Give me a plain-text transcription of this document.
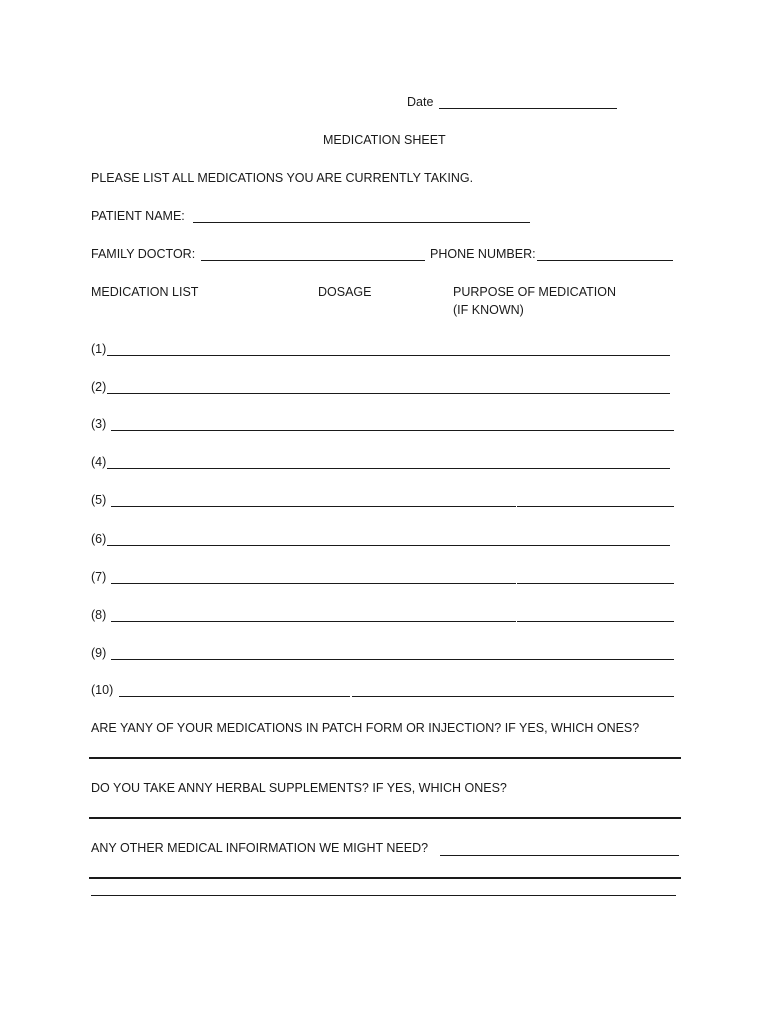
Date
MEDICATION SHEET
PLEASE LIST ALL MEDICATIONS YOU ARE CURRENTLY TAKING.
PATIENT NAME:
FAMILY DOCTOR:	PHONE NUMBER:
MEDICATION LIST	DOSAGE	PURPOSE OF MEDICATION
(IF KNOWN)
(1)
(2)
(3)
(4)
(5)
(6)
(7)
(8)
(9)
(10)
ARE YANY OF YOUR MEDICATIONS IN PATCH FORM OR INJECTION? IF YES, WHICH ONES?
DO YOU TAKE ANNY HERBAL SUPPLEMENTS? IF YES, WHICH ONES?
ANY OTHER MEDICAL INFOIRMATION WE MIGHT NEED?
